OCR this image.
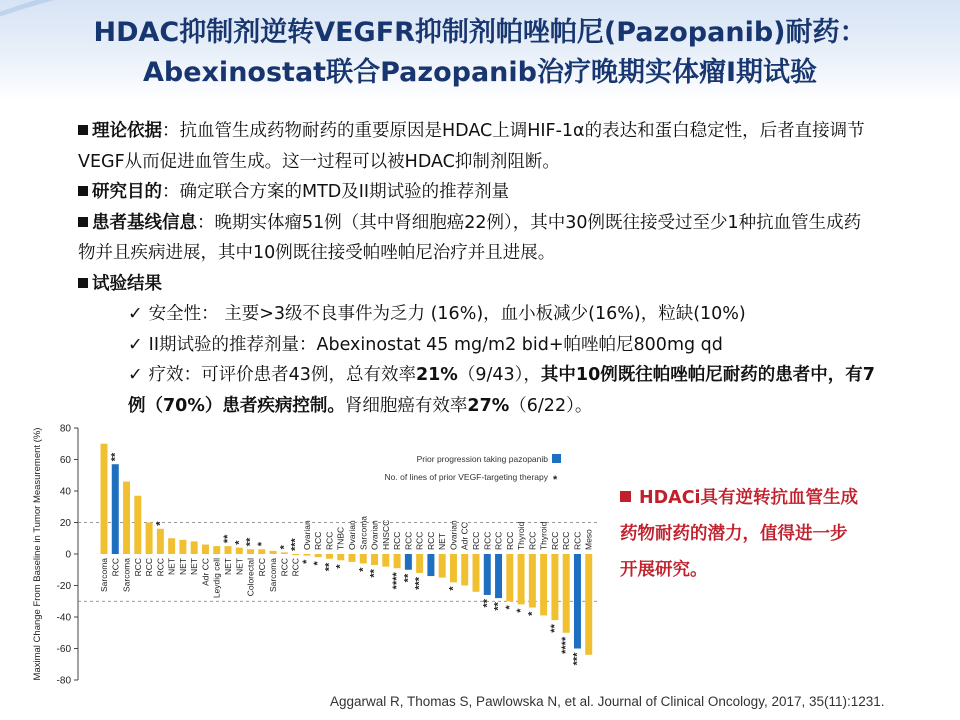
HDAC抑制剂逆转VEGFR抑制剂帕唑帕尼(Pazopanib)耐药：
Abexinostat联合Pazopanib治疗晚期实体瘤I期试验

理论依据：抗血管生成药物耐药的重要原因是HDAC上调HIF-1α的表达和蛋白稳定性，后者直接调节VEGF从而促进血管生成。这一过程可以被HDAC抑制剂阻断。

研究目的：确定联合方案的MTD及II期试验的推荐剂量

患者基线信息：晚期实体瘤51例（其中肾细胞癌22例），其中30例既往接受过至少1种抗血管生成药物并且疾病进展，其中10例既往接受帕唑帕尼治疗并且进展。

试验结果

✓ 安全性： 主要>3级不良事件为乏力 (16%)，血小板减少(16%)，粒缺(10%)

✓ II期试验的推荐剂量：Abexinostat 45 mg/m2 bid+帕唑帕尼800mg qd

✓ 疗效：可评价患者43例，总有效率21%（9/43），其中10例既往帕唑帕尼耐药的患者中，有7例（70%）患者疾病控制。肾细胞癌有效率27%（6/22）。

Maximal Change From Baseline in Tumor Measurement (%) 80
60
40
20
0
-20
-40
-60
-80
Sarcoma RCC
**
Sarcoma RCC RCC RCC
*
NET NET NET Adr CC Leydig cell NET
**
NET
*
Colorectal
**
RCC
*
Sarcoma RCC
*
RCC
*** Ovarian
*
RCC
*
RCC
**
TNBC
*
Ovarian Sarcoma
*
Ovarian
**
HNSCC RCC
****
RCC
**
RCC
***
RCC NET Ovarian
*
Adr CC RCC RCC
**
RCC
**
RCC
*
Thyroid
*
RCC
*
Thyroid RCC
**
RCC
****
RCC
***
Meso
Prior progression taking pazopanib
No. of lines of prior VEGF-targeting therapy *
HDACi具有逆转抗血管生成
药物耐药的潜力，值得进一步
开展研究。
Aggarwal R, Thomas S, Pawlowska N, et al. Journal of Clinical Oncology, 2017, 35(11):1231.
